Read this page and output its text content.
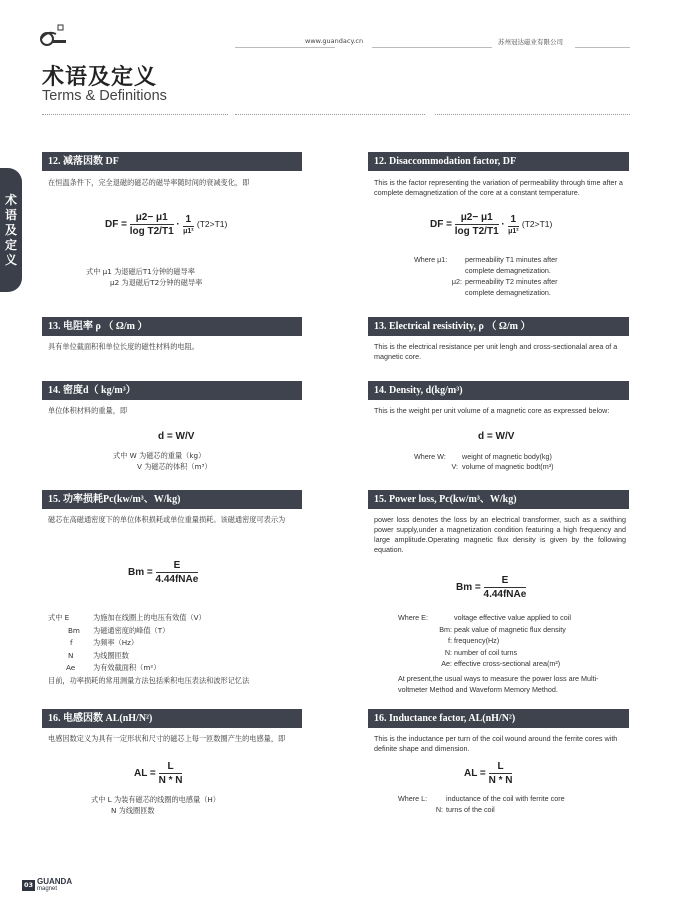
www.guandacy.cn	苏州冠达磁业有限公司
术语及定义
Terms & Definitions
术
语
及
定
义
12. 减落因数 DF	12. Disaccommodation factor, DF
在恒温条件下，完全退磁的磁芯的磁导率随时间的衰减变化，即	This is the factor representing the variation of permeability through time after a complete demagnetization of the core at a constant temperature.
DF = $\frac{\mu 2- \mu 1}{\text{log T2/T1}} \cdot \frac{1}{\text{μ1²}} (T2>T1)$	DF = $\frac{\mu 2- \mu 1}{\text{log T2/T1}} \cdot \frac{1}{\text{μ1²}} (T2>T1)$
式中 μ1 为退磁后T1分钟的磁导率
μ2 为退磁后T2分钟的磁导率
Where μ1:	permeability T1 minutes after
complete demagnetization.
μ2: permeability T2 minutes after
complete demagnetization.
13. 电阻率 ρ （ Ω/m ）	13. Electrical resistivity, ρ （ Ω/m ）
具有单位截面积和单位长度的磁性材料的电阻。	This is the electrical resistance per unit lengh and cross-sectionalal area of a magnetic core.
14. 密度d（ kg/m³）	14. Density, d(kg/m³)
单位体积材料的重量，即	This is the weight per unit volume of a magnetic core as expressed below:
d = W/V	d = W/V
式中 W 为磁芯的重量（kg）
V 为磁芯的体积（m³）
Where W:	weight of magnetic body(kg)
V: volume of magnetic bodt(m³)
15. 功率损耗Pc(kw/m³、W/kg)	15. Power loss, Pc(kw/m³、W/kg)
磁芯在高磁通密度下的单位体积损耗或单位重量损耗。该磁通密度可表示为	power loss denotes the loss by an electrical transformer, such as a swithing power supply,under a magnetization condition featuring a high frequency and large amplitude.Operating magnetic flux density is given by the following equation.
$Bm = \frac{E}{\text{4.44fNAe}}$
$Bm = \frac{E}{\text{4.44fNAe}}$
式中 E	为施加在线圈上的电压有效值（V）
Bm	为磁通密度的峰值（T）
f	为频率（Hz）
N	为线圈匝数
Ae	为有效截面积（m²）
目前，功率损耗的常用测量方法包括乘积电压表法和波形记忆法
Where E:	voltage effective value applied to coil
Bm: peak value of magnetic flux density
f: frequency(Hz)
N: number of coil turns
Ae: effective cross-sectional area(m²)
At present,the usual ways to measure the power loss are Multi-voltmeter Method and Waveform Memory Method.
16. 电感因数 AL(nH/N²)	16. Inductance factor, AL(nH/N²)
电感因数定义为具有一定形状和尺寸的磁芯上每一匝数圈产生的电感量，即	This is the inductance per turn of the coil wound around the ferrite cores with definite shape and dimension.
AL = $\frac{L}{N * N}$	AL = $\frac{L}{N * N}$
式中 L 为装有磁芯的线圈的电感量（H）
N 为线圈匝数
Where L:	inductance of the coil with ferrite core
N: turns of the coil
03 GUANDA
magnet
